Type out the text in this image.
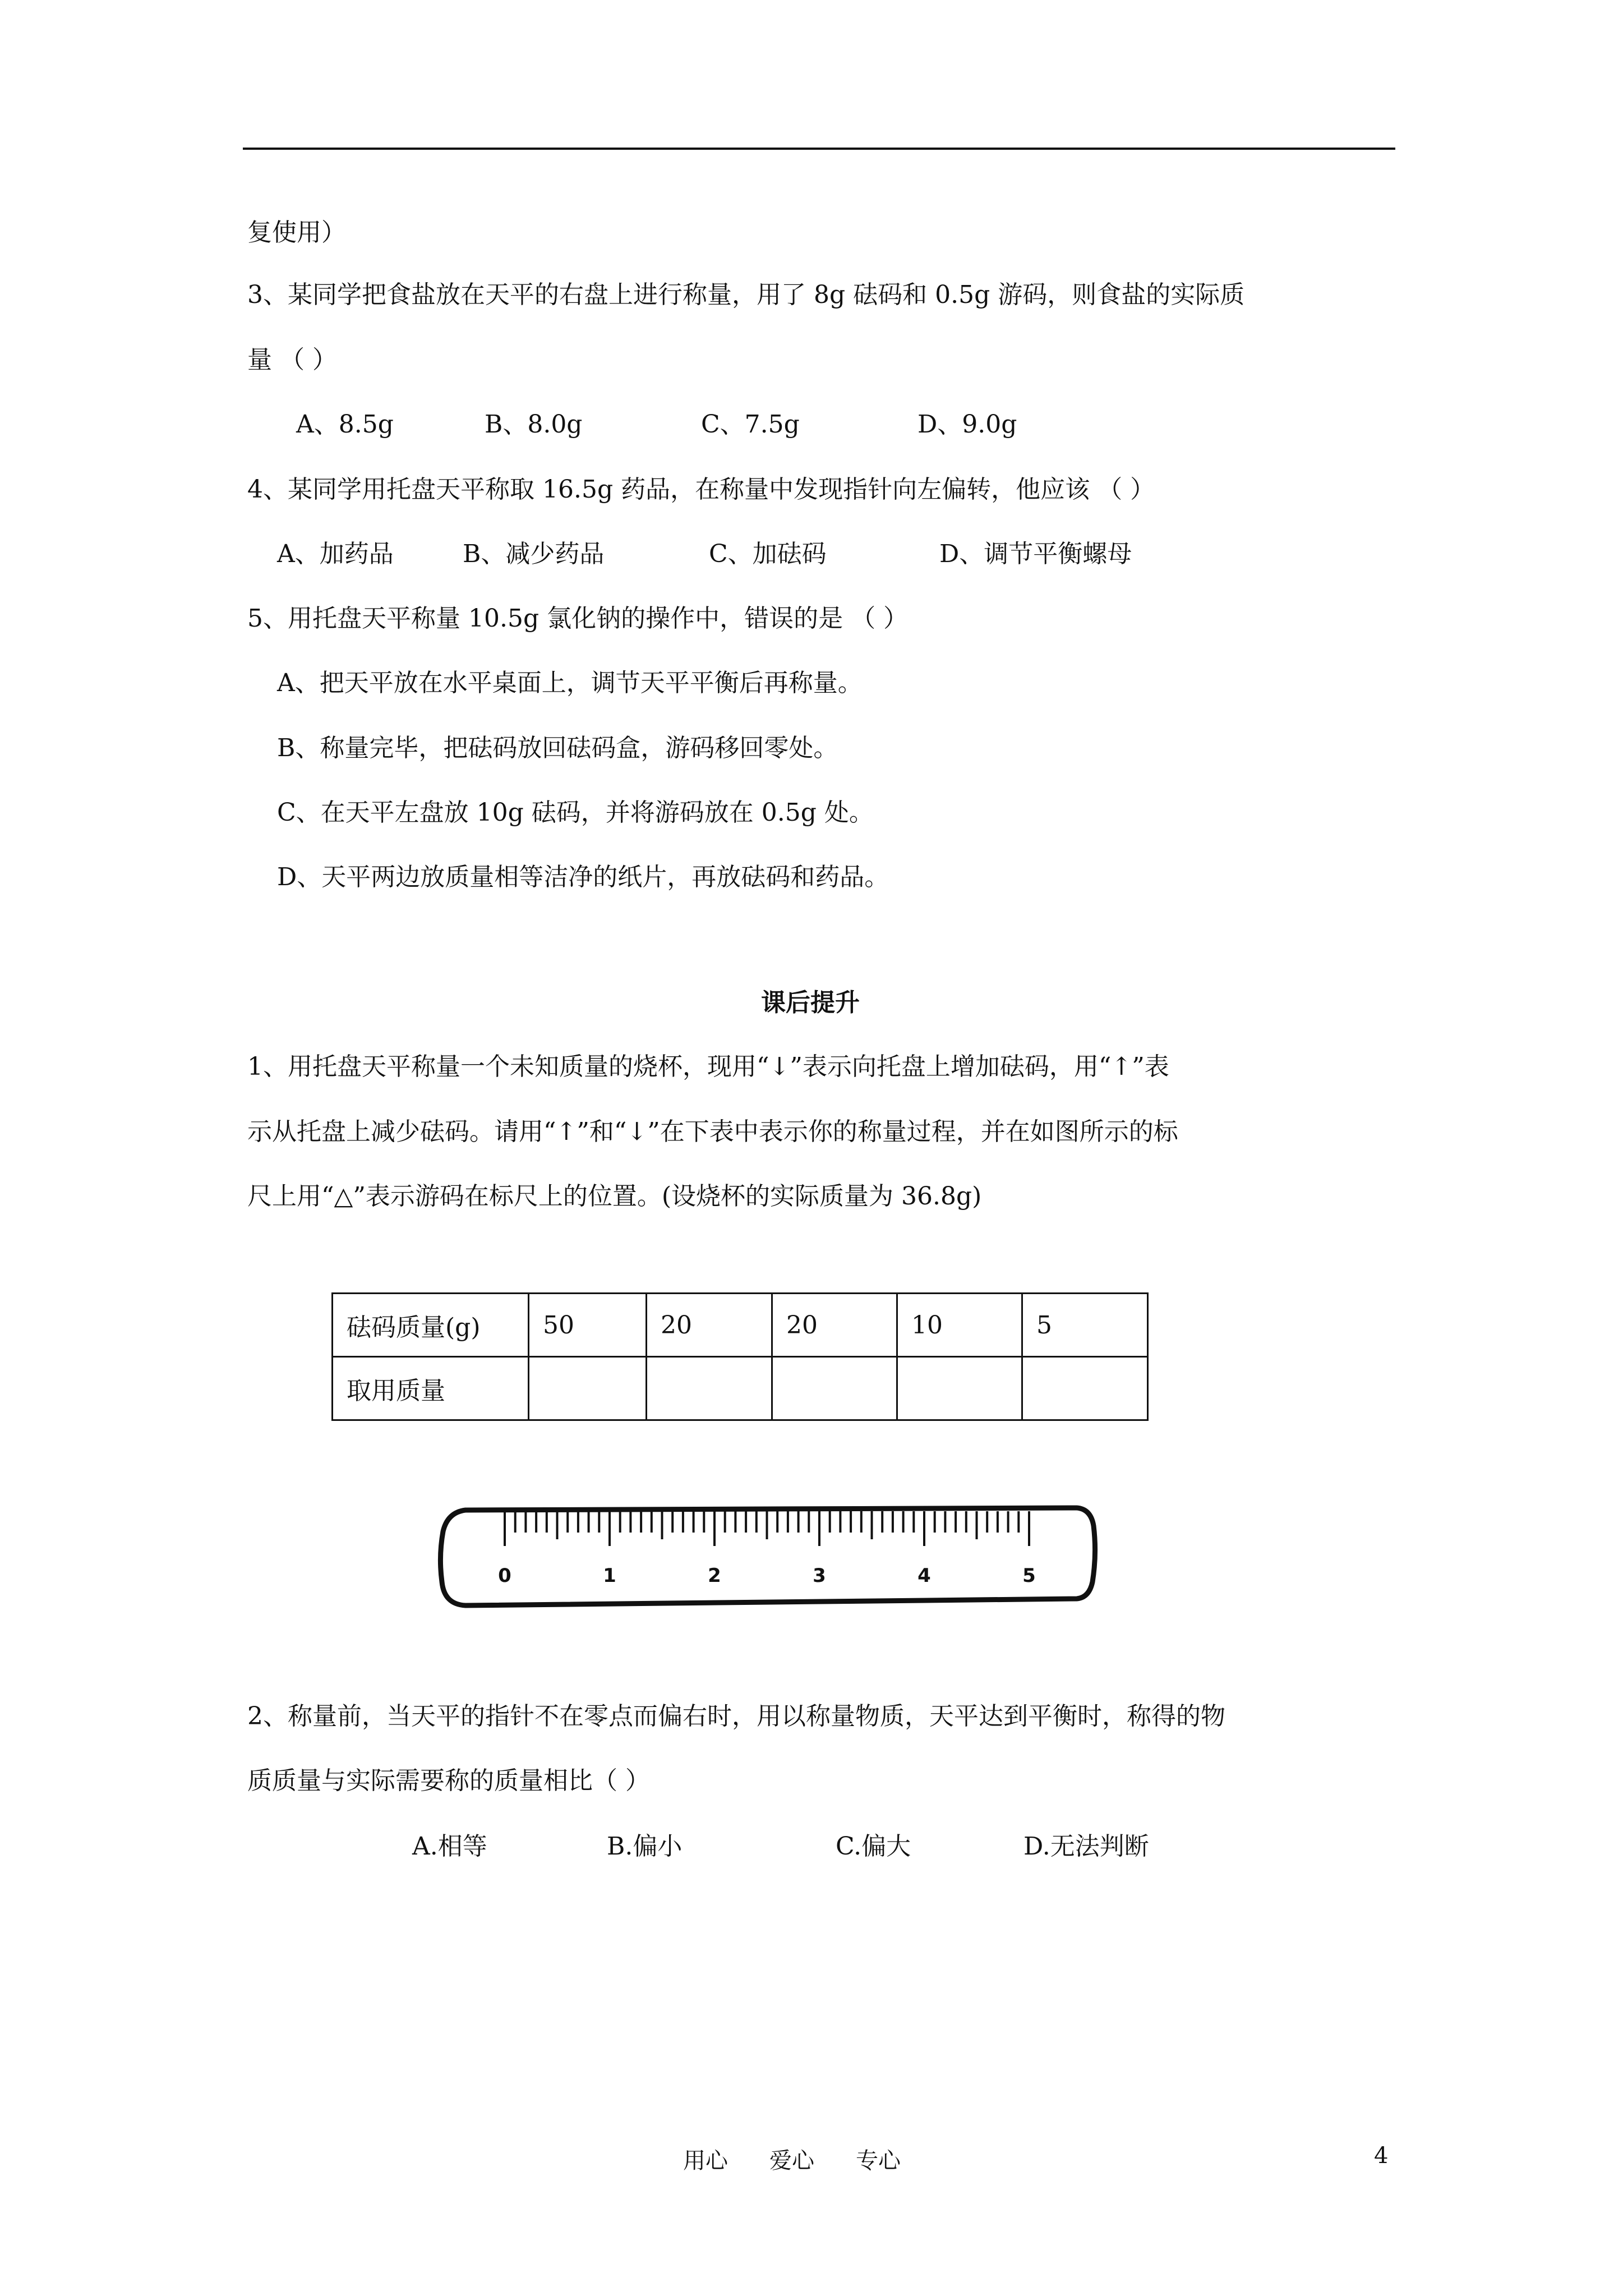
复使用）
3、某同学把食盐放在天平的右盘上进行称量，用了 8g 砝码和 0.5g 游码，则食盐的实际质
量 （ ）
A、8.5g	B、8.0g	C、7.5g	D、9.0g
4、某同学用托盘天平称取 16.5g 药品，在称量中发现指针向左偏转，他应该 （ ）
A、加药品	B、减少药品	C、加砝码	D、调节平衡螺母
5、用托盘天平称量 10.5g 氯化钠的操作中，错误的是 （ ）
A、把天平放在水平桌面上，调节天平平衡后再称量。
B、称量完毕，把砝码放回砝码盒，游码移回零处。
C、在天平左盘放 10g 砝码，并将游码放在 0.5g 处。
D、天平两边放质量相等洁净的纸片，再放砝码和药品。
课后提升
1、用托盘天平称量一个未知质量的烧杯，现用“↓”表示向托盘上增加砝码，用“↑”表
示从托盘上减少砝码。请用“↑”和“↓”在下表中表示你的称量过程，并在如图所示的标
尺上用“△”表示游码在标尺上的位置。(设烧杯的实际质量为 36.8g)
砝码质量(g)	50	20	20	10	5
取用质量					
0	1	2	3	4	5
2、称量前，当天平的指针不在零点而偏右时，用以称量物质，天平达到平衡时，称得的物
质质量与实际需要称的质量相比（ ）
A.相等	B.偏小	C.偏大	D.无法判断
用心 爱心 专心	4
